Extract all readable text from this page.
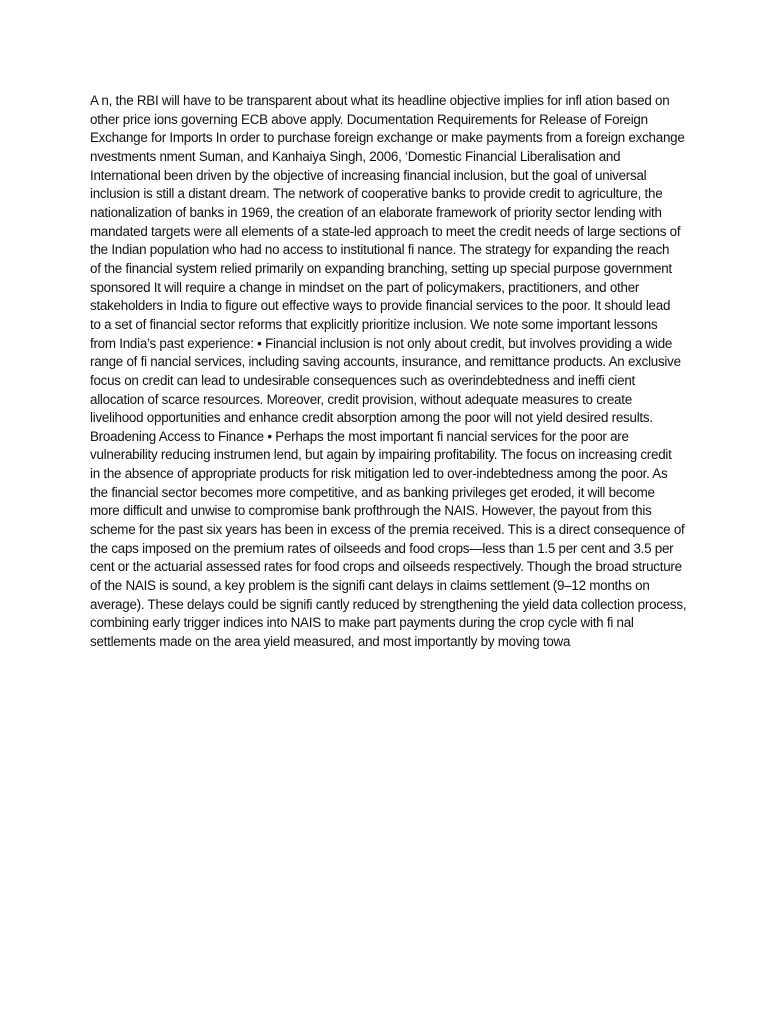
A n, the RBI will have to be transparent about what its headline objective implies for infl ation based on
other price ions governing ECB above apply. Documentation Requirements for Release of Foreign
Exchange for Imports In order to purchase foreign exchange or make payments from a foreign exchange
nvestments nment Suman, and Kanhaiya Singh, 2006, ‘Domestic Financial Liberalisation and
International been driven by the objective of increasing financial inclusion, but the goal of universal
inclusion is still a distant dream. The network of cooperative banks to provide credit to agriculture, the
nationalization of banks in 1969, the creation of an elaborate framework of priority sector lending with
mandated targets were all elements of a state-led approach to meet the credit needs of large sections of
the Indian population who had no access to institutional fi nance. The strategy for expanding the reach
of the financial system relied primarily on expanding branching, setting up special purpose government
sponsored It will require a change in mindset on the part of policymakers, practitioners, and other
stakeholders in India to figure out effective ways to provide financial services to the poor. It should lead
to a set of financial sector reforms that explicitly prioritize inclusion. We note some important lessons
from India’s past experience: • Financial inclusion is not only about credit, but involves providing a wide
range of fi nancial services, including saving accounts, insurance, and remittance products. An exclusive
focus on credit can lead to undesirable consequences such as overindebtedness and ineffi cient
allocation of scarce resources. Moreover, credit provision, without adequate measures to create
livelihood opportunities and enhance credit absorption among the poor will not yield desired results.
Broadening Access to Finance • Perhaps the most important fi nancial services for the poor are
vulnerability reducing instrumen lend, but again by impairing profitability. The focus on increasing credit
in the absence of appropriate products for risk mitigation led to over-indebtedness among the poor. As
the financial sector becomes more competitive, and as banking privileges get eroded, it will become
more difficult and unwise to compromise bank profthrough the NAIS. However, the payout from this
scheme for the past six years has been in excess of the premia received. This is a direct consequence of
the caps imposed on the premium rates of oilseeds and food crops—less than 1.5 per cent and 3.5 per
cent or the actuarial assessed rates for food crops and oilseeds respectively. Though the broad structure
of the NAIS is sound, a key problem is the signifi cant delays in claims settlement (9–12 months on
average). These delays could be signifi cantly reduced by strengthening the yield data collection process,
combining early trigger indices into NAIS to make part payments during the crop cycle with fi nal
settlements made on the area yield measured, and most importantly by moving towa
